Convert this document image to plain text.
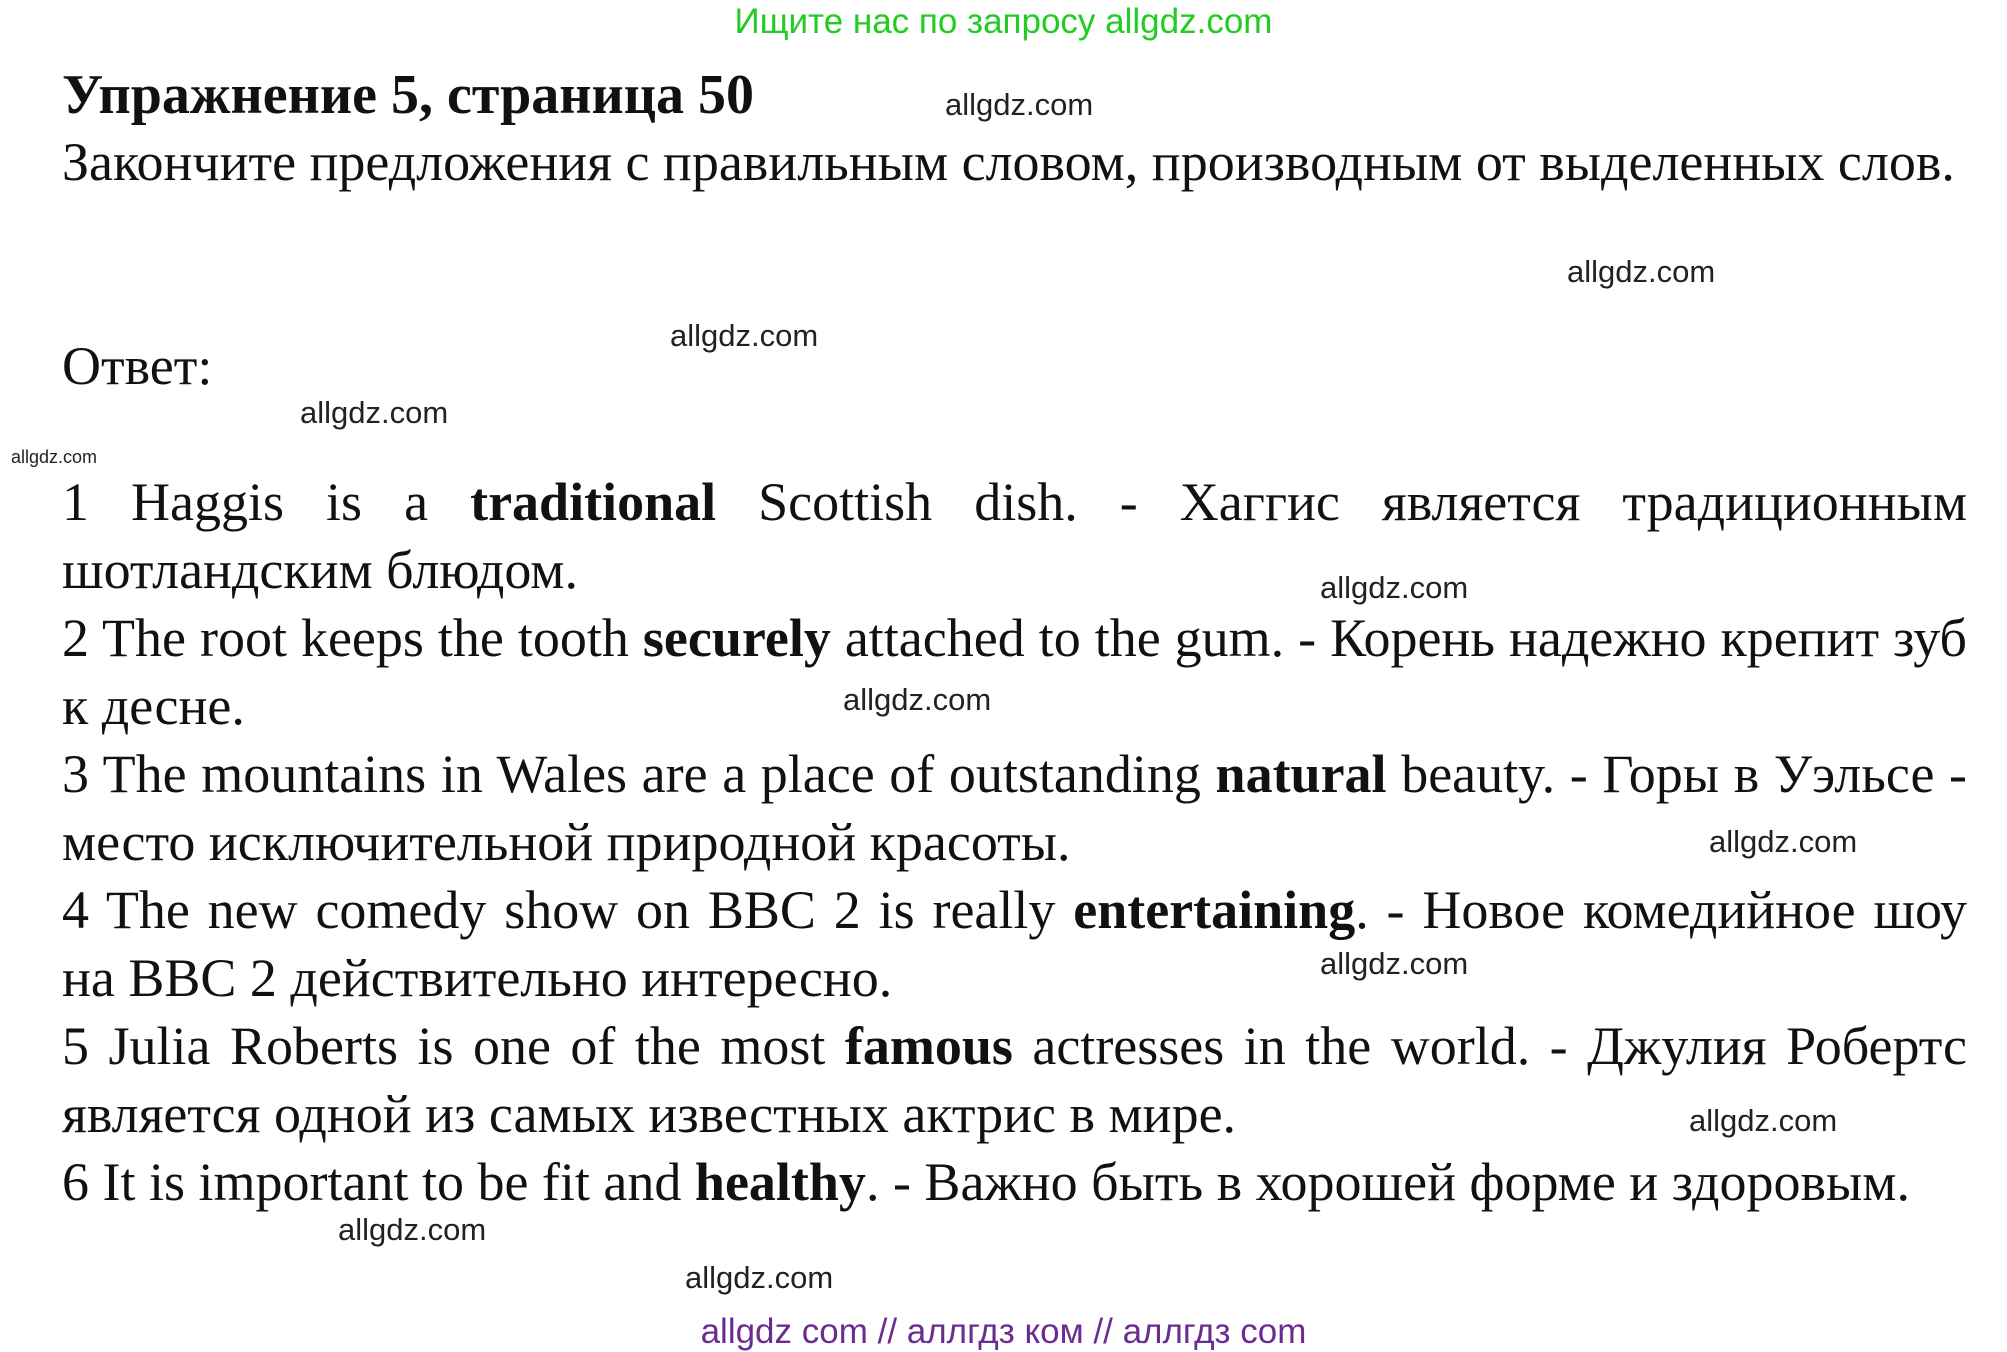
Ищите нас по запросу allgdz.com
Упражнение 5, страница 50

Закончите предложения с правильным словом, производным от выделенных слов.

Ответ:

1 Haggis is a traditional Scottish dish. - Хаггис является традиционным шотландским блюдом.

2 The root keeps the tooth securely attached to the gum. - Корень надежно крепит зуб к десне.

3 The mountains in Wales are a place of outstanding natural beauty. - Горы в Уэльсе - место исключительной природной красоты.

4 The new comedy show on BBC 2 is really entertaining. - Новое комедийное шоу на BBC 2 действительно интересно.

5 Julia Roberts is one of the most famous actresses in the world. - Джулия Робертс является одной из самых известных актрис в мире.

6 It is important to be fit and healthy. - Важно быть в хорошей форме и здоровым.

allgdz.com
allgdz.com
allgdz.com
allgdz.com
allgdz.com
allgdz.com
allgdz.com
allgdz.com
allgdz.com
allgdz.com
allgdz.com
allgdz.com
allgdz com // аллгдз ком // аллгдз com
